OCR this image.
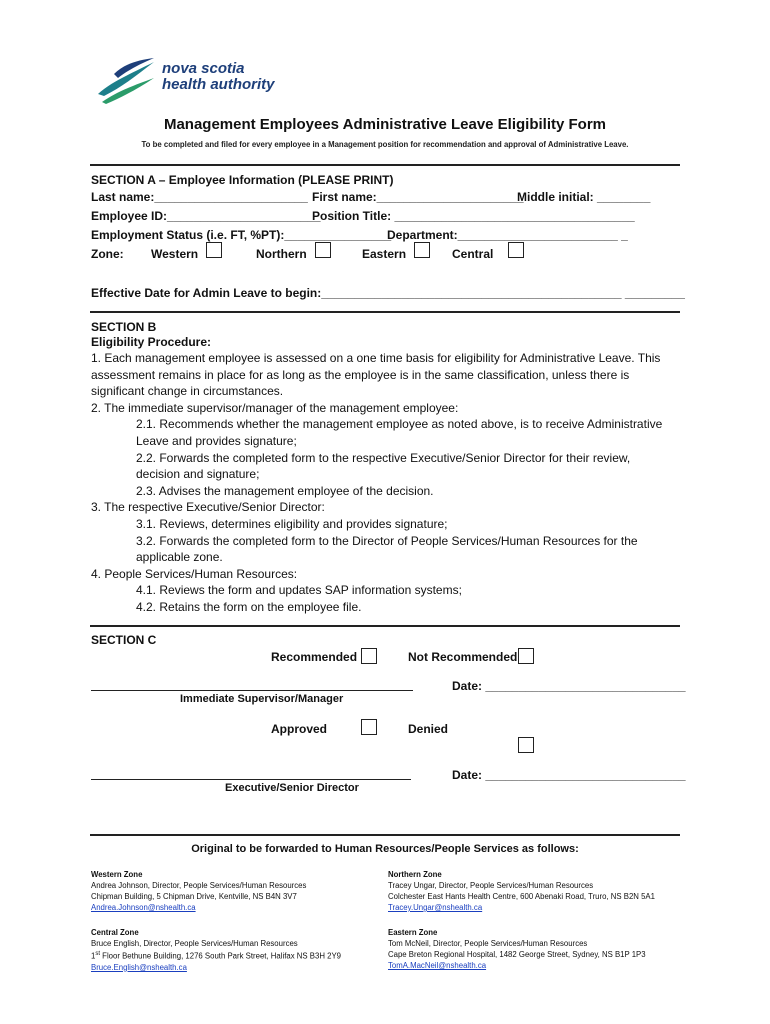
nova scotia
health authority
Management Employees Administrative Leave Eligibility Form
To be completed and filed for every employee in a Management position for recommendation and approval of Administrative Leave.
SECTION A – Employee Information (PLEASE PRINT)
Last name:_______________________ First name:______________________
Middle initial: ________
Employee ID:_______________________
Position Title: ____________________________________
Employment Status (i.e. FT, %PT):________________
Department:________________________ _
Zone: Western	Northern	Eastern	Central
Effective Date for Admin Leave to begin:_____________________________________________ _________
SECTION B
Eligibility Procedure:
1. Each management employee is assessed on a one time basis for eligibility for Administrative Leave. This
assessment remains in place for as long as the employee is in the same classification, unless there is
significant change in circumstances.
2. The immediate supervisor/manager of the management employee:
2.1. Recommends whether the management employee as noted above, is to receive Administrative
Leave and provides signature;
2.2. Forwards the completed form to the respective Executive/Senior Director for their review,
decision and signature;
2.3. Advises the management employee of the decision.
3. The respective Executive/Senior Director:
3.1. Reviews, determines eligibility and provides signature;
3.2. Forwards the completed form to the Director of People Services/Human Resources for the
applicable zone.
4. People Services/Human Resources:
4.1. Reviews the form and updates SAP information systems;
4.2. Retains the form on the employee file.
SECTION C
Recommended	Not Recommended
Date: ______________________________
Immediate Supervisor/Manager
Approved	Denied
Date: ______________________________
Executive/Senior Director
Original to be forwarded to Human Resources/People Services as follows:
Western Zone
Andrea Johnson, Director, People Services/Human Resources
Chipman Building, 5 Chipman Drive, Kentville, NS B4N 3V7
Andrea.Johnson@nshealth.ca
Northern Zone
Tracey Ungar, Director, People Services/Human Resources
Colchester East Hants Health Centre, 600 Abenaki Road, Truro, NS B2N 5A1
Tracey.Ungar@nshealth.ca
Central Zone
Bruce English, Director, People Services/Human Resources
1st Floor Bethune Building, 1276 South Park Street, Halifax NS B3H 2Y9
Bruce.English@nshealth.ca
Eastern Zone
Tom McNeil, Director, People Services/Human Resources
Cape Breton Regional Hospital, 1482 George Street, Sydney, NS B1P 1P3
TomA.MacNeil@nshealth.ca
